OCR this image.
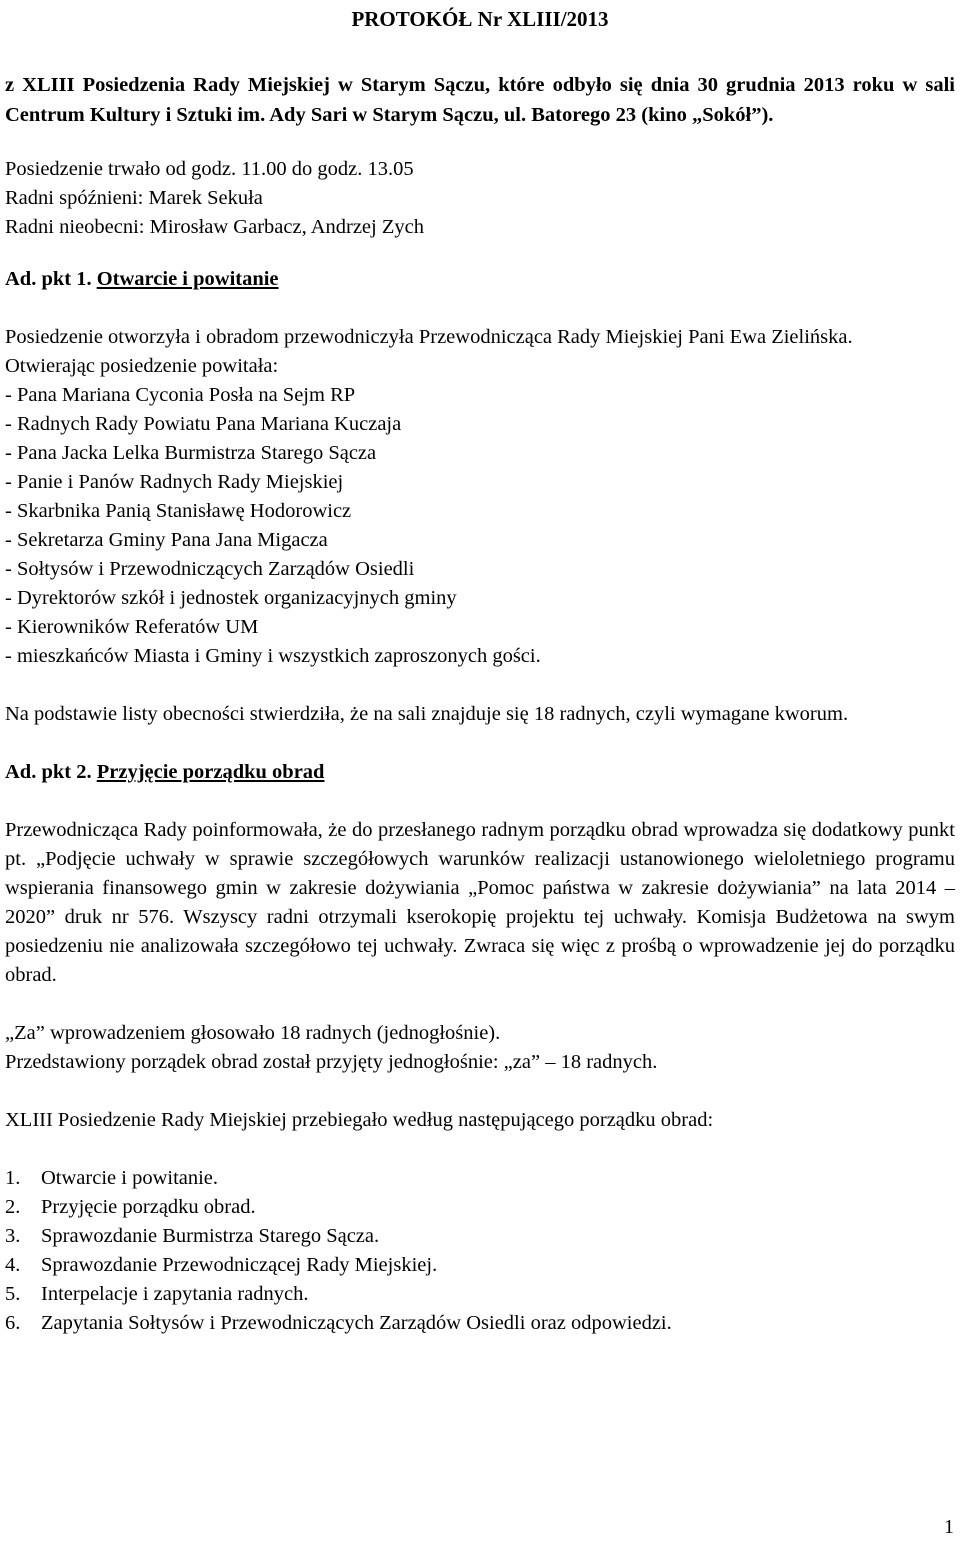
PROTOKÓŁ Nr XLIII/2013

z XLIII Posiedzenia Rady Miejskiej w Starym Sączu, które odbyło się dnia 30 grudnia 2013 roku w sali Centrum Kultury i Sztuki im. Ady Sari w Starym Sączu, ul. Batorego 23 (kino „Sokół”).

Posiedzenie trwało od godz. 11.00 do godz. 13.05

Radni spóźnieni: Marek Sekuła

Radni nieobecni: Mirosław Garbacz, Andrzej Zych

Ad. pkt 1. Otwarcie i powitanie

Posiedzenie otworzyła i obradom przewodniczyła Przewodnicząca Rady Miejskiej Pani Ewa Zielińska.

Otwierając posiedzenie powitała:

- Pana Mariana Cyconia Posła na Sejm RP
- Radnych Rady Powiatu Pana Mariana Kuczaja
- Pana Jacka Lelka Burmistrza Starego Sącza
- Panie i Panów Radnych Rady Miejskiej
- Skarbnika Panią Stanisławę Hodorowicz
- Sekretarza Gminy Pana Jana Migacza
- Sołtysów i Przewodniczących Zarządów Osiedli
- Dyrektorów szkół i jednostek organizacyjnych gminy
- Kierowników Referatów UM
- mieszkańców Miasta i Gminy i wszystkich zaproszonych gości.

Na podstawie listy obecności stwierdziła, że na sali znajduje się 18 radnych, czyli wymagane kworum.

Ad. pkt 2. Przyjęcie porządku obrad

Przewodnicząca Rady poinformowała, że do przesłanego radnym porządku obrad wprowadza się dodatkowy punkt pt. „Podjęcie uchwały w sprawie szczegółowych warunków realizacji ustanowionego wieloletniego programu wspierania finansowego gmin w zakresie dożywiania „Pomoc państwa w zakresie dożywiania” na lata 2014 – 2020” druk nr 576. Wszyscy radni otrzymali kserokopię projektu tej uchwały. Komisja Budżetowa na swym posiedzeniu nie analizowała szczegółowo tej uchwały. Zwraca się więc z prośbą o wprowadzenie jej do porządku obrad.

„Za” wprowadzeniem głosowało 18 radnych (jednogłośnie).

Przedstawiony porządek obrad został przyjęty jednogłośnie: „za” – 18 radnych.

XLIII Posiedzenie Rady Miejskiej przebiegało według następującego porządku obrad:

1.	Otwarcie i powitanie.
2.	Przyjęcie porządku obrad.
3.	Sprawozdanie Burmistrza Starego Sącza.
4.	Sprawozdanie Przewodniczącej Rady Miejskiej.
5.	Interpelacje i zapytania radnych.
6.	Zapytania Sołtysów i Przewodniczących Zarządów Osiedli oraz odpowiedzi.
1
